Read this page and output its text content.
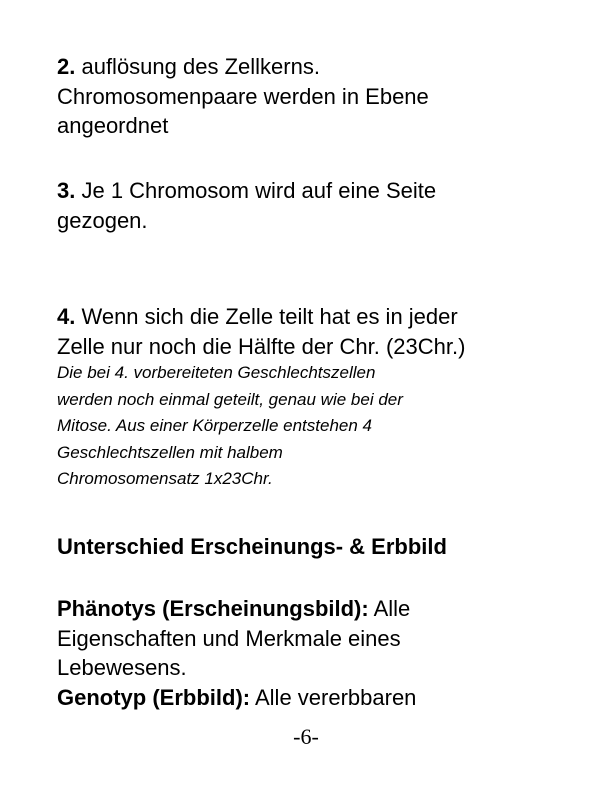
2. auflösung des Zellkerns.

Chromosomenpaare werden in Ebene

angeordnet

3. Je 1 Chromosom wird auf eine Seite

gezogen.

4. Wenn sich die Zelle teilt hat es in jeder

Zelle nur noch die Hälfte der Chr. (23Chr.)

Die bei 4. vorbereiteten Geschlechtszellen

werden noch einmal geteilt, genau wie bei der

Mitose. Aus einer Körperzelle entstehen 4

Geschlechtszellen mit halbem

Chromosomensatz 1x23Chr.

Unterschied Erscheinungs- & Erbbild

Phänotys (Erscheinungsbild): Alle

Eigenschaften und Merkmale eines

Lebewesens.

Genotyp (Erbbild): Alle vererbbaren

-6-
